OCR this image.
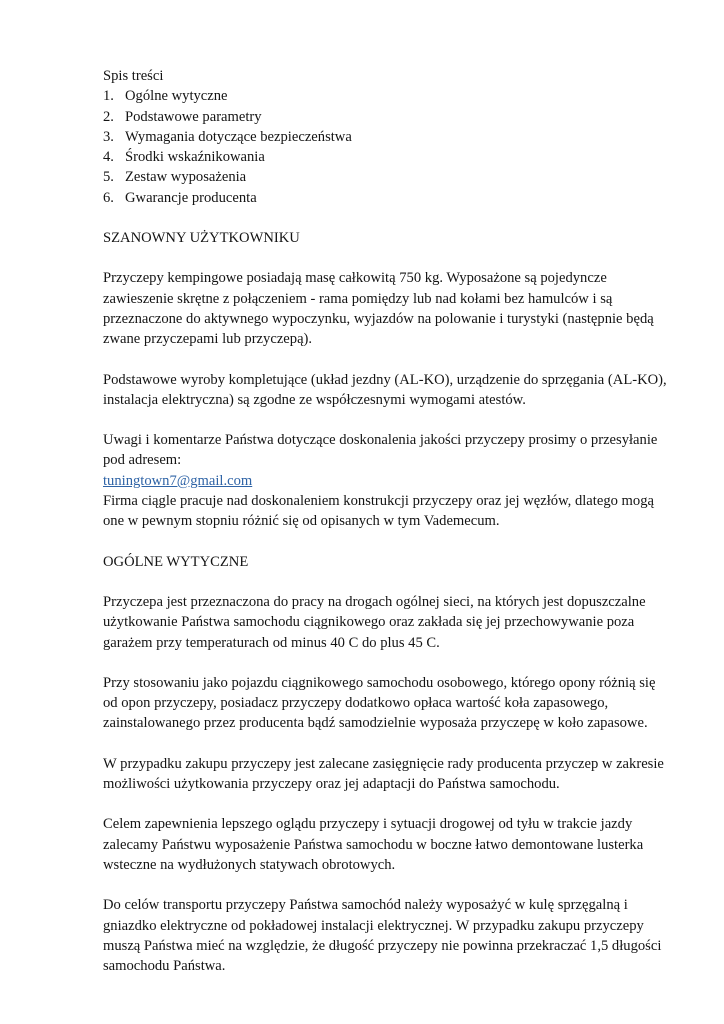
Spis treści

1. Ogólne wytyczne
2. Podstawowe parametry
3. Wymagania dotyczące bezpieczeństwa
4. Środki wskaźnikowania
5. Zestaw wyposażenia
6. Gwarancje producenta

SZANOWNY UŻYTKOWNIKU

Przyczepy kempingowe posiadają masę całkowitą 750 kg. Wyposażone są pojedyncze zawieszenie skrętne z połączeniem - rama pomiędzy lub nad kołami bez hamulców i są przeznaczone do aktywnego wypoczynku, wyjazdów na polowanie i turystyki (następnie będą zwane przyczepami lub przyczepą).

Podstawowe wyroby kompletujące (układ jezdny (AL-KO), urządzenie do sprzęgania (AL-KO), instalacja elektryczna) są zgodne ze współczesnymi wymogami atestów.

Uwagi i komentarze Państwa dotyczące doskonalenia jakości przyczepy prosimy o przesyłanie pod adresem:

tuningtown7@gmail.com

Firma ciągle pracuje nad doskonaleniem konstrukcji przyczepy oraz jej węzłów, dlatego mogą one w pewnym stopniu różnić się od opisanych w tym Vademecum.

OGÓLNE WYTYCZNE

Przyczepa jest przeznaczona do pracy na drogach ogólnej sieci, na których jest dopuszczalne użytkowanie Państwa samochodu ciągnikowego oraz zakłada się jej przechowywanie poza garażem przy temperaturach od minus 40 C do plus 45 C.

Przy stosowaniu jako pojazdu ciągnikowego samochodu osobowego, którego opony różnią się od opon przyczepy, posiadacz przyczepy dodatkowo opłaca wartość koła zapasowego, zainstalowanego przez producenta bądź samodzielnie wyposaża przyczepę w koło zapasowe.

W przypadku zakupu przyczepy jest zalecane zasięgnięcie rady producenta przyczep w zakresie możliwości użytkowania przyczepy oraz jej adaptacji do Państwa samochodu.

Celem zapewnienia lepszego oglądu przyczepy i sytuacji drogowej od tyłu w trakcie jazdy zalecamy Państwu wyposażenie Państwa samochodu w boczne łatwo demontowane lusterka wsteczne na wydłużonych statywach obrotowych.

Do celów transportu przyczepy Państwa samochód należy wyposażyć w kulę sprzęgalną i gniazdko elektryczne od pokładowej instalacji elektrycznej. W przypadku zakupu przyczepy muszą Państwa mieć na względzie, że długość przyczepy nie powinna przekraczać 1,5 długości samochodu Państwa.
